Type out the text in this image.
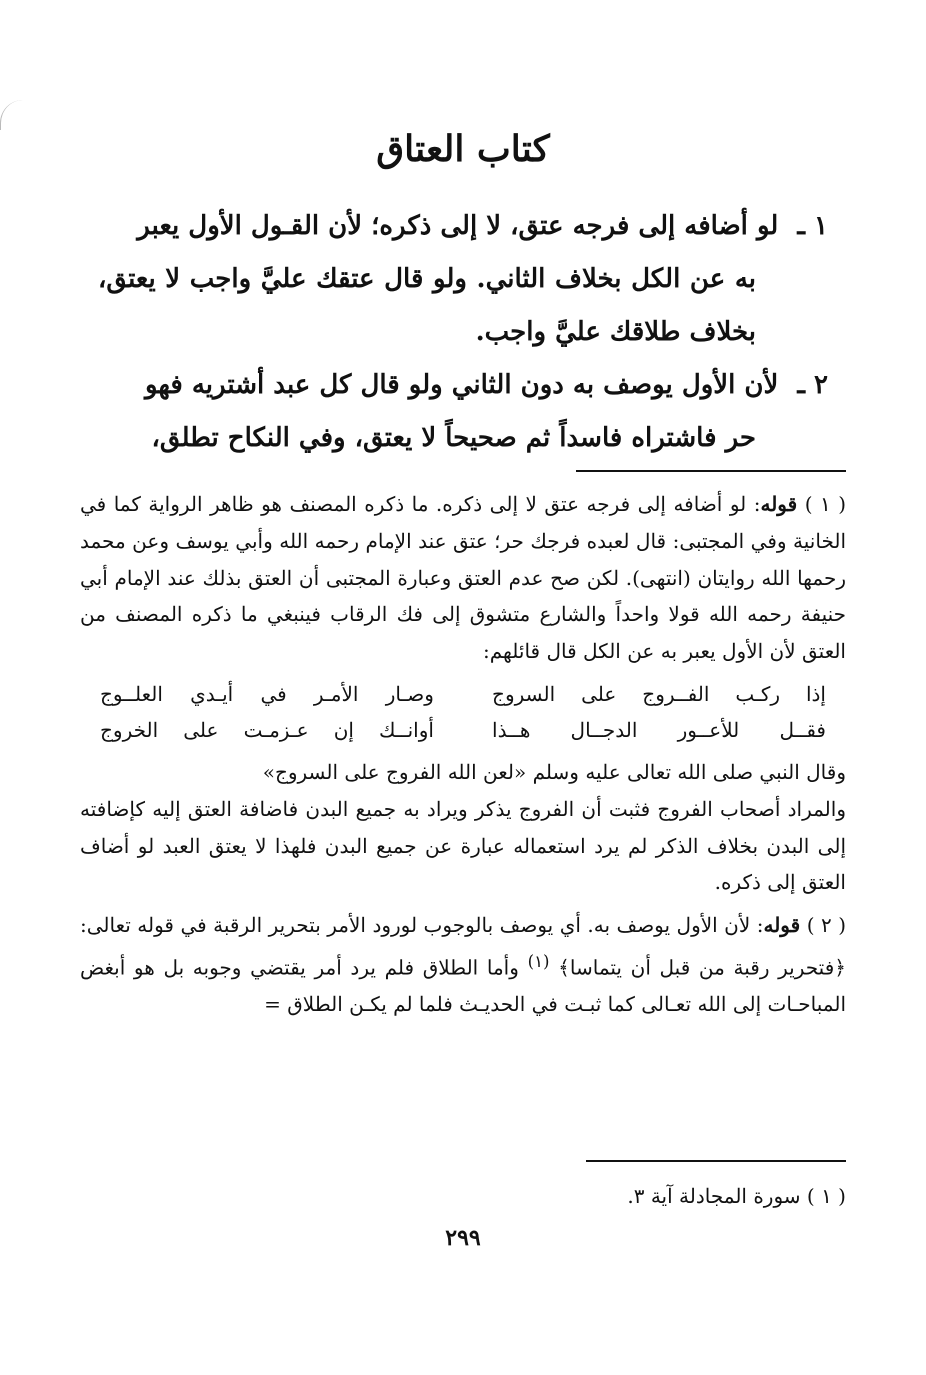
كتاب العتاق

١ ـ لو أضافه إلى فرجه عتق، لا إلى ذكره؛ لأن القـول الأول يعبر

به عن الكل بخلاف الثاني. ولو قال عتقك عليَّ واجب لا يعتق، بخلاف طلاقك عليَّ واجب.

٢ ـ لأن الأول يوصف به دون الثاني ولو قال كل عبد أشتريه فهو

حر فاشتراه فاسداً ثم صحيحاً لا يعتق، وفي النكاح تطلق،

( ١ ) قوله: لو أضافه إلى فرجه عتق لا إلى ذكره. ما ذكره المصنف هو ظاهر الرواية كما في الخانية وفي المجتبى: قال لعبده فرجك حر؛ عتق عند الإمام رحمه الله وأبي يوسف وعن محمد رحمها الله روايتان (انتهى). لكن صح عدم العتق وعبارة المجتبى أن العتق بذلك عند الإمام أبي حنيفة رحمه الله قولا واحداً والشارع متشوق إلى فك الرقاب فينبغي ما ذكره المصنف من العتق لأن الأول يعبر به عن الكل قال قائلهم:

إذا ركـب الفــروج على السروج
وصـار الأمـر في أيـدي العلــوج
فقــل للأعــور الدجــال هــذا
أوانــك إن عـزمـت على الخروج

وقال النبي صلى الله تعالى عليه وسلم «لعن الله الفروج على السروج»

والمراد أصحاب الفروج فثبت أن الفروج يذكر ويراد به جميع البدن فاضافة العتق إليه كإضافته إلى البدن بخلاف الذكر لم يرد استعماله عبارة عن جميع البدن فلهذا لا يعتق العبد لو أضاف العتق إلى ذكره.

( ٢ ) قوله: لأن الأول يوصف به. أي يوصف بالوجوب لورود الأمر بتحرير الرقبة في قوله تعالى: ﴿فتحرير رقبة من قبل أن يتماسا﴾ $^{(١)}$ وأما الطلاق فلم يرد أمر يقتضي وجوبه بل هو أبغض المباحـات إلى الله تعـالى كما ثبـت في الحديـث فلما لم يكـن الطلاق =

( ١ ) سورة المجادلة آية ٣.
٢٩٩
